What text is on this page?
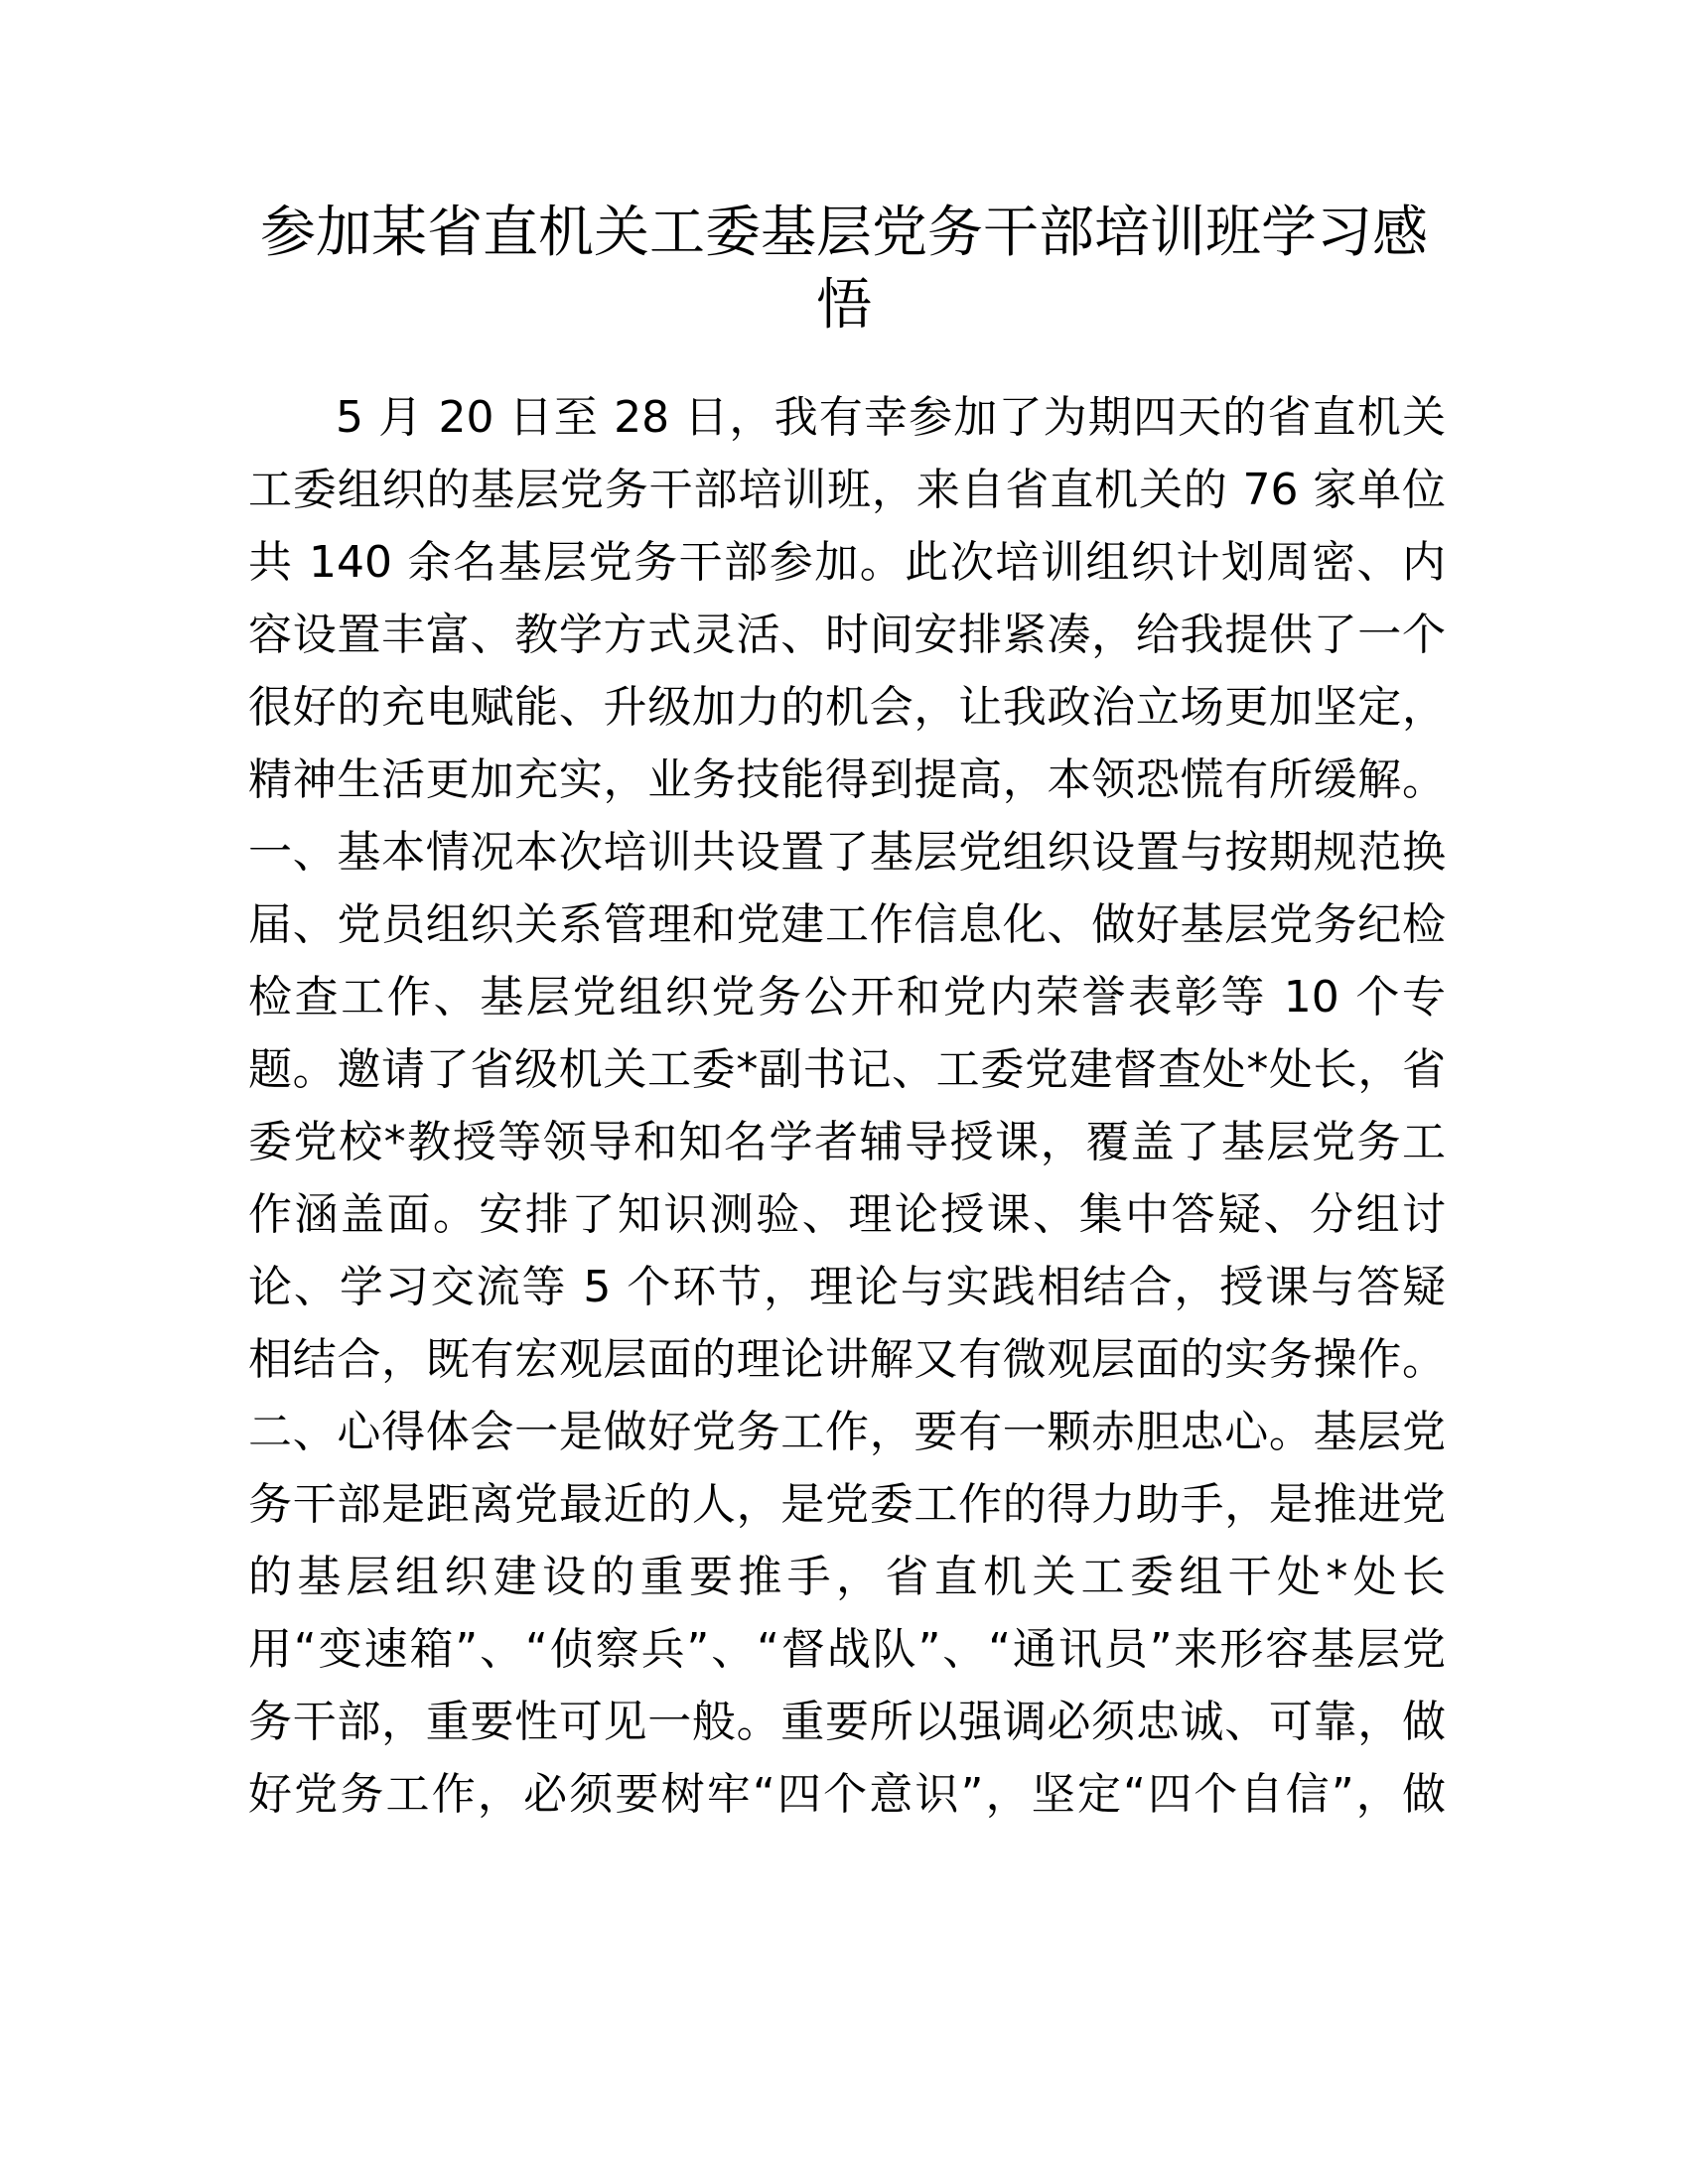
参加某省直机关工委基层党务干部培训班学习感悟
5 月 20 日至 28 日，我有幸参加了为期四天的省直机关
工委组织的基层党务干部培训班，来自省直机关的 76 家单位
共 140 余名基层党务干部参加。此次培训组织计划周密、内
容设置丰富、教学方式灵活、时间安排紧凑，给我提供了一个
很好的充电赋能、升级加力的机会，让我政治立场更加坚定，
精神生活更加充实，业务技能得到提高，本领恐慌有所缓解。
一、基本情况本次培训共设置了基层党组织设置与按期规范换
届、党员组织关系管理和党建工作信息化、做好基层党务纪检
检查工作、基层党组织党务公开和党内荣誉表彰等 10 个专
题。邀请了省级机关工委*副书记、工委党建督查处*处长，省
委党校*教授等领导和知名学者辅导授课，覆盖了基层党务工
作涵盖面。安排了知识测验、理论授课、集中答疑、分组讨
论、学习交流等 5 个环节，理论与实践相结合，授课与答疑
相结合，既有宏观层面的理论讲解又有微观层面的实务操作。
二、心得体会一是做好党务工作，要有一颗赤胆忠心。基层党
务干部是距离党最近的人，是党委工作的得力助手，是推进党
的基层组织建设的重要推手，省直机关工委组干处*处长
用“变速箱”、“侦察兵”、“督战队”、“通讯员”来形容基层党
务干部，重要性可见一般。重要所以强调必须忠诚、可靠，做
好党务工作，必须要树牢“四个意识”，坚定“四个自信”，做
